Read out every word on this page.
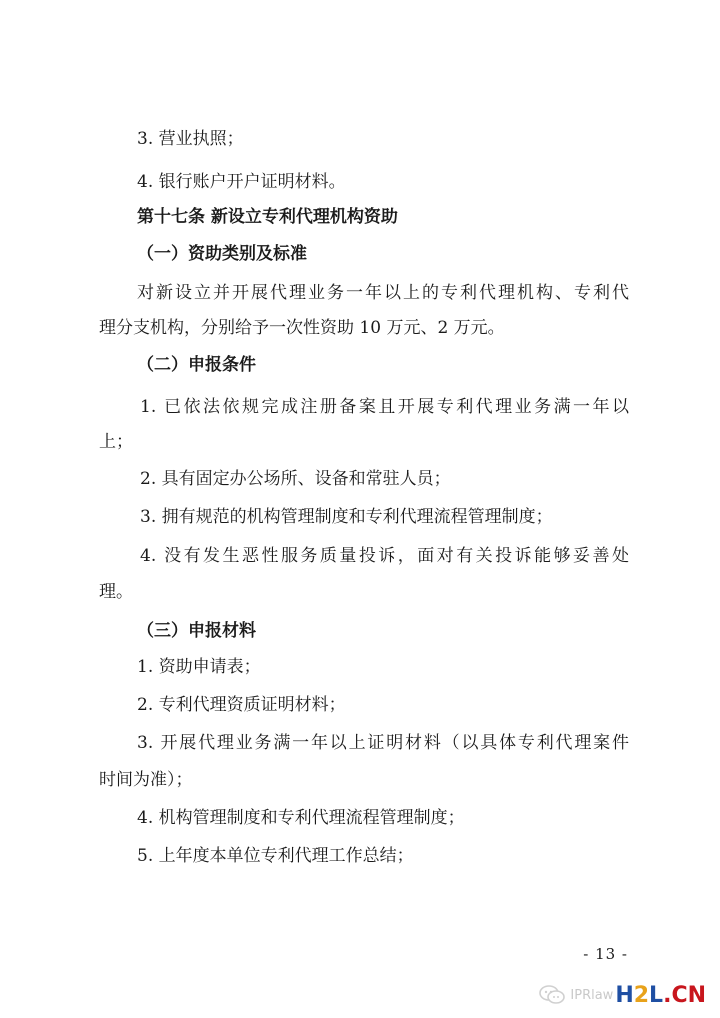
3. 营业执照；
4. 银行账户开户证明材料。
第十七条 新设立专利代理机构资助
（一）资助类别及标准
对新设立并开展代理业务一年以上的专利代理机构、专利代
理分支机构，分别给予一次性资助 10 万元、2 万元。
（二）申报条件
1. 已依法依规完成注册备案且开展专利代理业务满一年以
上；
2. 具有固定办公场所、设备和常驻人员；
3. 拥有规范的机构管理制度和专利代理流程管理制度；
4. 没有发生恶性服务质量投诉，面对有关投诉能够妥善处
理。
（三）申报材料
1. 资助申请表；
2. 专利代理资质证明材料；
3. 开展代理业务满一年以上证明材料（以具体专利代理案件
时间为准）；
4. 机构管理制度和专利代理流程管理制度；
5. 上年度本单位专利代理工作总结；
- 13 -
IPRlaw H2L.CN
